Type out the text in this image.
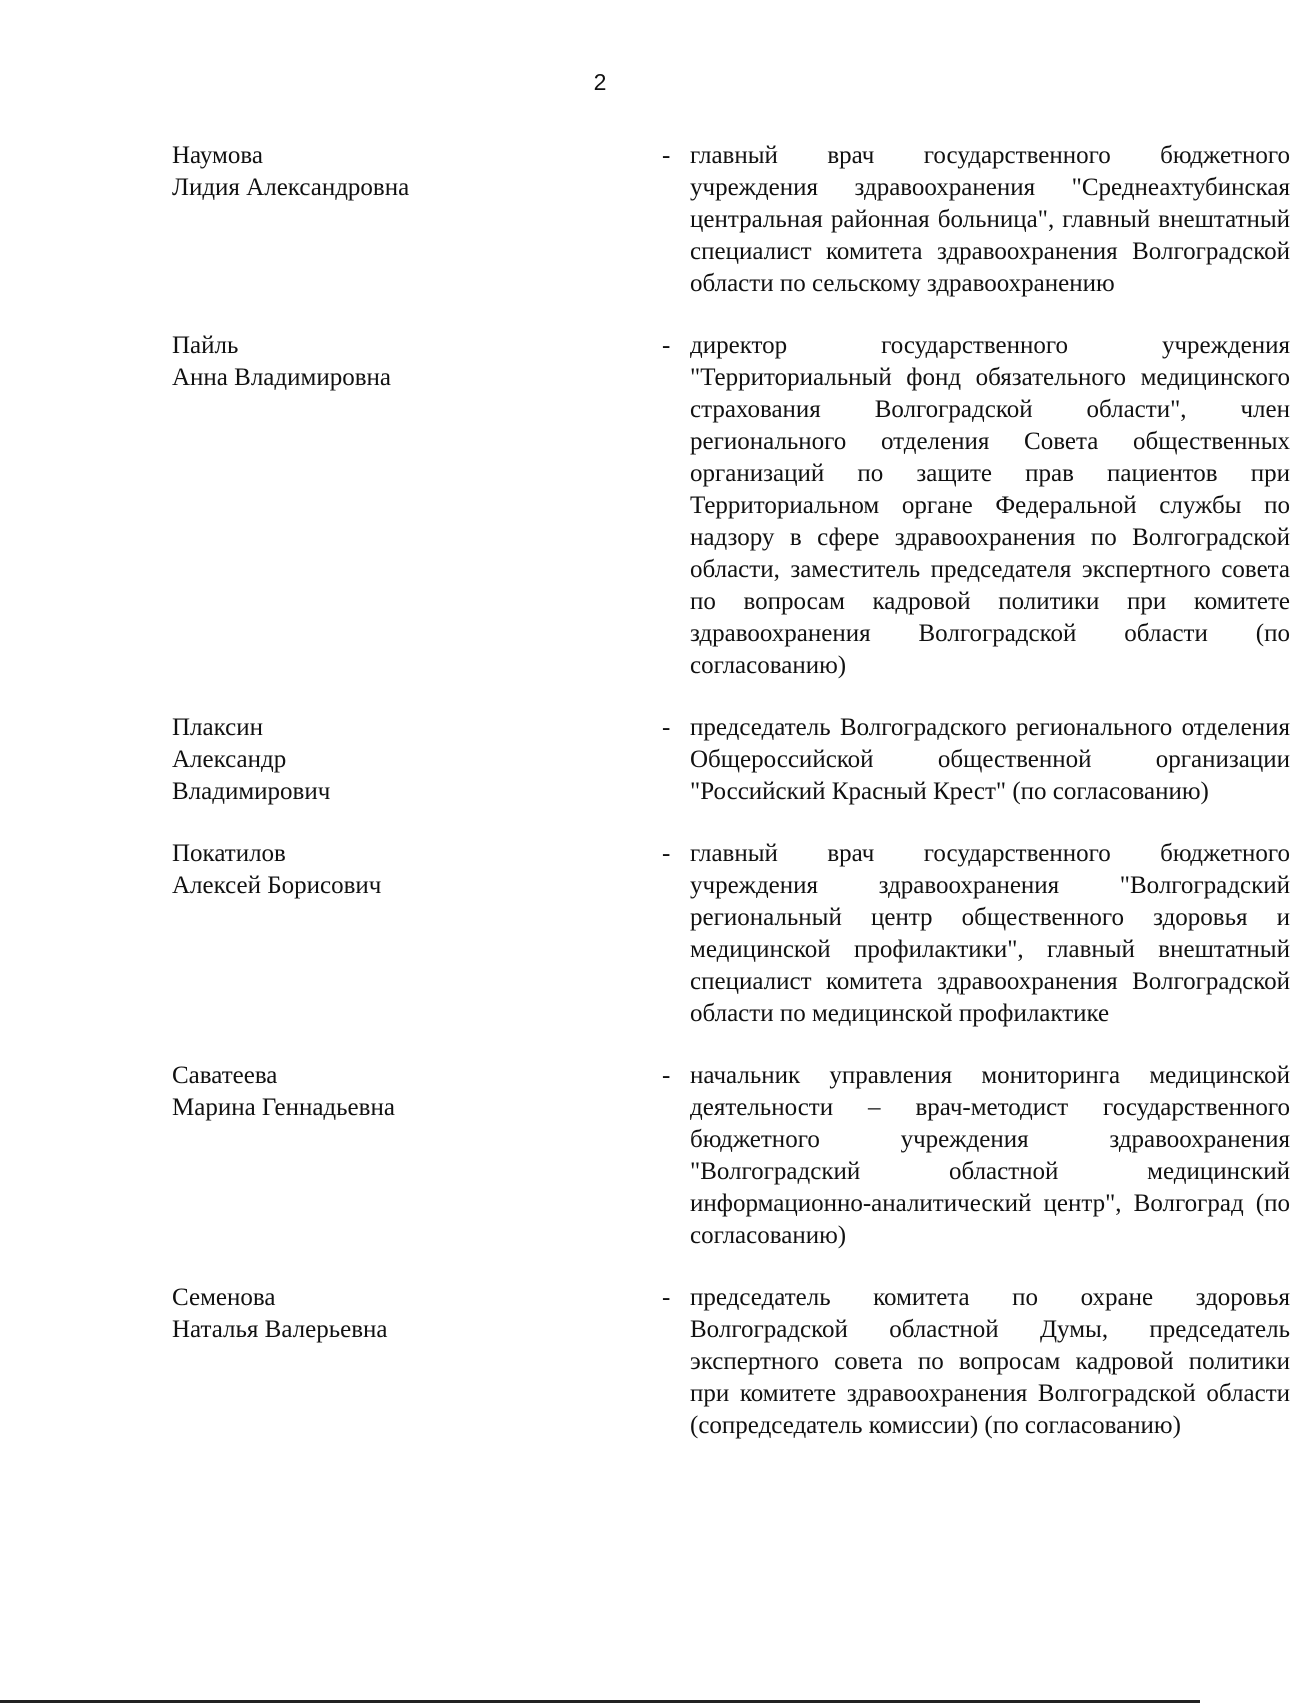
2
Наумова
Лидия Александровна
- главный врач государственного бюджетного учреждения здравоохранения "Среднеахтубинская центральная районная больница", главный внештатный специалист комитета здравоохранения Волгоградской области по сельскому здравоохранению
Пайль
Анна Владимировна
- директор государственного учреждения "Территориальный фонд обязательного медицинского страхования Волгоградской области", член регионального отделения Совета общественных организаций по защите прав пациентов при Территориальном органе Федеральной службы по надзору в сфере здравоохранения по Волгоградской области, заместитель председателя экспертного совета по вопросам кадровой политики при комитете здравоохранения Волгоградской области (по согласованию)
Плаксин
Александр
Владимирович
- председатель Волгоградского регионального отделения Общероссийской общественной организации "Российский Красный Крест" (по согласованию)
Покатилов
Алексей Борисович
- главный врач государственного бюджетного учреждения здравоохранения "Волгоградский региональный центр общественного здоровья и медицинской профилактики", главный внештатный специалист комитета здравоохранения Волгоградской области по медицинской профилактике
Саватеева
Марина Геннадьевна
- начальник управления мониторинга медицинской деятельности – врач-методист государственного бюджетного учреждения здравоохранения "Волгоградский областной медицинский информационно-аналитический центр", Волгоград (по согласованию)
Семенова
Наталья Валерьевна
- председатель комитета по охране здоровья Волгоградской областной Думы, председатель экспертного совета по вопросам кадровой политики при комитете здравоохранения Волгоградской области (сопредседатель комиссии) (по согласованию)
